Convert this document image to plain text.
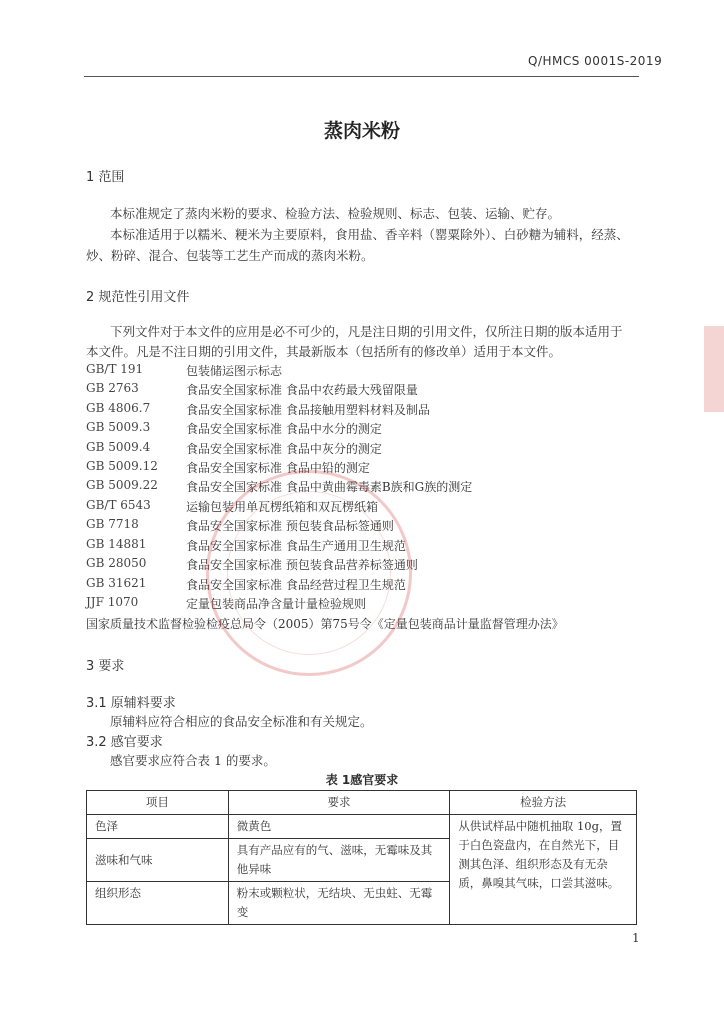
Q/HMCS 0001S-2019
蒸肉米粉
1 范围
本标准规定了蒸肉米粉的要求、检验方法、检验规则、标志、包装、运输、贮存。
本标准适用于以糯米、粳米为主要原料，食用盐、香辛料（罂粟除外）、白砂糖为辅料，经蒸、
炒、粉碎、混合、包装等工艺生产而成的蒸肉米粉。
2 规范性引用文件
下列文件对于本文件的应用是必不可少的，凡是注日期的引用文件，仅所注日期的版本适用于
本文件。凡是不注日期的引用文件，其最新版本（包括所有的修改单）适用于本文件。
GB/T 191	包装储运图示标志
GB 2763	食品安全国家标准 食品中农药最大残留限量
GB 4806.7	食品安全国家标准 食品接触用塑料材料及制品
GB 5009.3	食品安全国家标准 食品中水分的测定
GB 5009.4	食品安全国家标准 食品中灰分的测定
GB 5009.12 食品安全国家标准 食品中铅的测定
GB 5009.22 食品安全国家标准 食品中黄曲霉毒素B族和G族的测定
GB/T 6543	运输包装用单瓦楞纸箱和双瓦楞纸箱
GB 7718	食品安全国家标准 预包装食品标签通则
GB 14881	食品安全国家标准 食品生产通用卫生规范
GB 28050	食品安全国家标准 预包装食品营养标签通则
GB 31621	食品安全国家标准 食品经营过程卫生规范
JJF 1070	定量包装商品净含量计量检验规则
国家质量技术监督检验检疫总局令（2005）第75号令《定量包装商品计量监督管理办法》
3 要求
3.1 原辅料要求
原辅料应符合相应的食品安全标准和有关规定。
3.2 感官要求
感官要求应符合表 1 的要求。
表 1感官要求
项目	要求	检验方法
色泽	微黄色	从供试样品中随机抽取 10g，置于白色瓷盘内，在自然光下，目测其色泽、组织形态及有无杂质，鼻嗅其气味，口尝其滋味。
滋味和气味	具有产品应有的气、滋味，无霉味及其他异味	
组织形态	粉末或颗粒状，无结块、无虫蛀、无霉变	
1
